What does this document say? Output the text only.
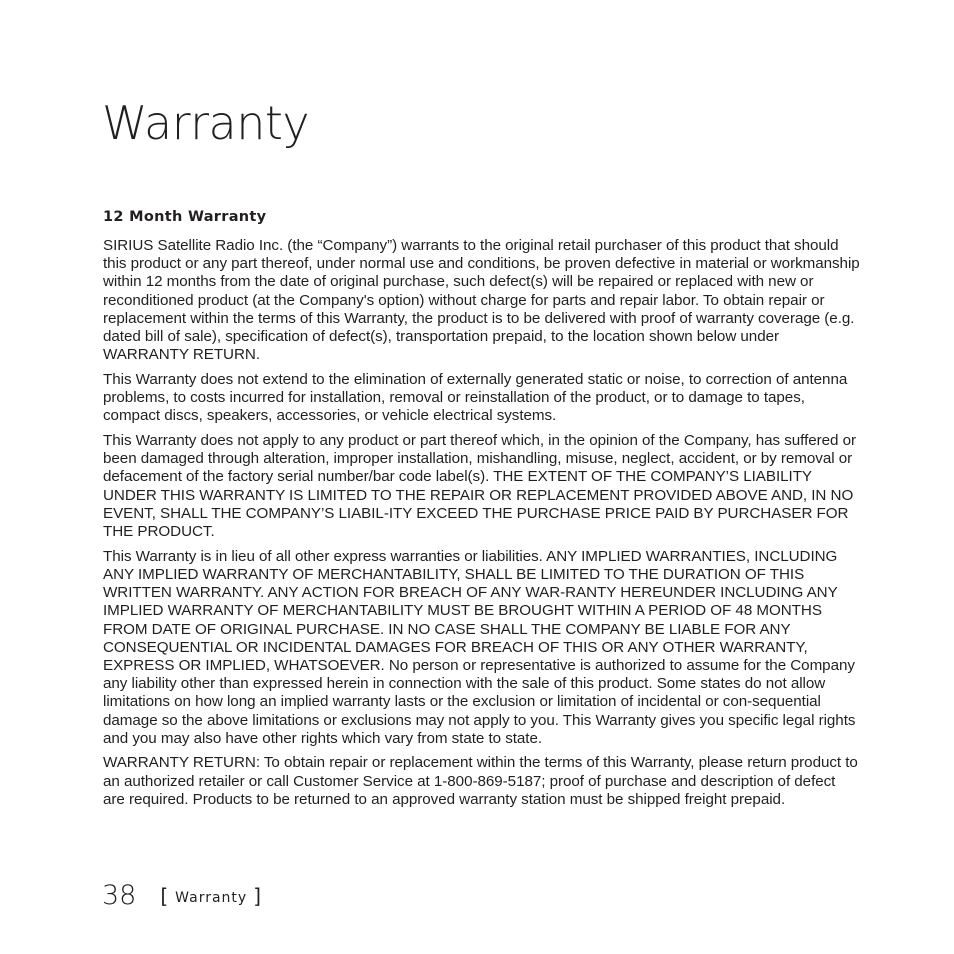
Warranty
12 Month Warranty

SIRIUS Satellite Radio Inc. (the “Company”) warrants to the original retail purchaser of this product that should this product or any part thereof, under normal use and conditions, be proven defective in material or workmanship within 12 months from the date of original purchase, such defect(s) will be repaired or replaced with new or reconditioned product (at the Company's option) without charge for parts and repair labor. To obtain repair or replacement within the terms of this Warranty, the product is to be delivered with proof of warranty coverage (e.g. dated bill of sale), specification of defect(s), transportation prepaid, to the location shown below under WARRANTY RETURN.

This Warranty does not extend to the elimination of externally generated static or noise, to correction of antenna problems, to costs incurred for installation, removal or reinstallation of the product, or to damage to tapes, compact discs, speakers, accessories, or vehicle electrical systems.

This Warranty does not apply to any product or part thereof which, in the opinion of the Company, has suffered or been damaged through alteration, improper installation, mishandling, misuse, neglect, accident, or by removal or defacement of the factory serial number/bar code label(s). THE EXTENT OF THE COMPANY’S LIABILITY UNDER THIS WARRANTY IS LIMITED TO THE REPAIR OR REPLACEMENT PROVIDED ABOVE AND, IN NO EVENT, SHALL THE COMPANY’S LIABIL-ITY EXCEED THE PURCHASE PRICE PAID BY PURCHASER FOR THE PRODUCT.

This Warranty is in lieu of all other express warranties or liabilities. ANY IMPLIED WARRANTIES, INCLUDING ANY IMPLIED WARRANTY OF MERCHANTABILITY, SHALL BE LIMITED TO THE DURATION OF THIS WRITTEN WARRANTY. ANY ACTION FOR BREACH OF ANY WAR-RANTY HEREUNDER INCLUDING ANY IMPLIED WARRANTY OF MERCHANTABILITY MUST BE BROUGHT WITHIN A PERIOD OF 48 MONTHS FROM DATE OF ORIGINAL PURCHASE. IN NO CASE SHALL THE COMPANY BE LIABLE FOR ANY CONSEQUENTIAL OR INCIDENTAL DAMAGES FOR BREACH OF THIS OR ANY OTHER WARRANTY, EXPRESS OR IMPLIED, WHATSOEVER. No person or representative is authorized to assume for the Company any liability other than expressed herein in connection with the sale of this product. Some states do not allow limitations on how long an implied warranty lasts or the exclusion or limitation of incidental or con-sequential damage so the above limitations or exclusions may not apply to you. This Warranty gives you specific legal rights and you may also have other rights which vary from state to state.

WARRANTY RETURN: To obtain repair or replacement within the terms of this Warranty, please return product to an authorized retailer or call Customer Service at 1-800-869-5187; proof of purchase and description of defect are required. Products to be returned to an approved warranty station must be shipped freight prepaid.

38 [ Warranty ]
